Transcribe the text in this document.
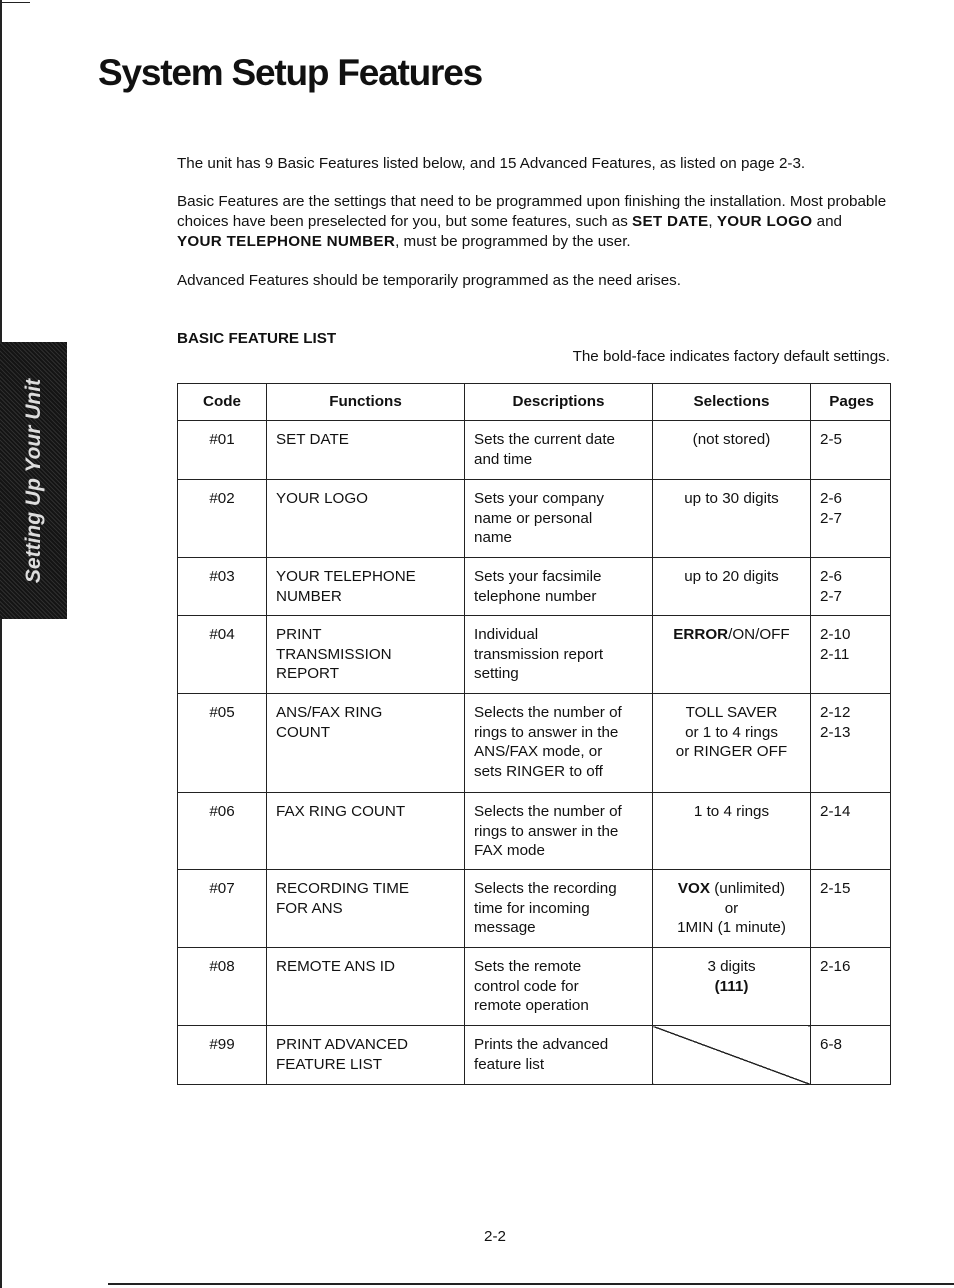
System Setup Features
Setting Up Your Unit

The unit has 9 Basic Features listed below, and 15 Advanced Features, as listed on page 2-3.

Basic Features are the settings that need to be programmed upon finishing the installation. Most probable choices have been preselected for you, but some features, such as SET DATE, YOUR LOGO and YOUR TELEPHONE NUMBER, must be programmed by the user.

Advanced Features should be temporarily programmed as the need arises.

BASIC FEATURE LIST

The bold-face indicates factory default settings.

Code	Functions	Descriptions	Selections	Pages
#01	SET DATE	Sets the current date
and time	(not stored)	2-5

#02	YOUR LOGO	Sets your company
name or personal
name	up to 30 digits	2-6
2-7

#03	YOUR TELEPHONE
NUMBER	Sets your facsimile
telephone number	up to 20 digits	2-6
2-7

#04	PRINT
TRANSMISSION
REPORT	Individual
transmission report
setting	ERROR/ON/OFF	2-10
2-11

#05	ANS/FAX RING
COUNT	Selects the number of
rings to answer in the
ANS/FAX mode, or
sets RINGER to off	TOLL SAVER
or 1 to 4 rings
or RINGER OFF	2-12
2-13

#06	FAX RING COUNT	Selects the number of
rings to answer in the
FAX mode	1 to 4 rings	2-14

#07	RECORDING TIME
FOR ANS	Selects the recording
time for incoming
message	VOX (unlimited)
or
1MIN (1 minute)	2-15

#08	REMOTE ANS ID	Sets the remote
control code for
remote operation	3 digits
(111)	2-16

#99	PRINT ADVANCED
FEATURE LIST	Prints the advanced
feature list		6-8

2-2
